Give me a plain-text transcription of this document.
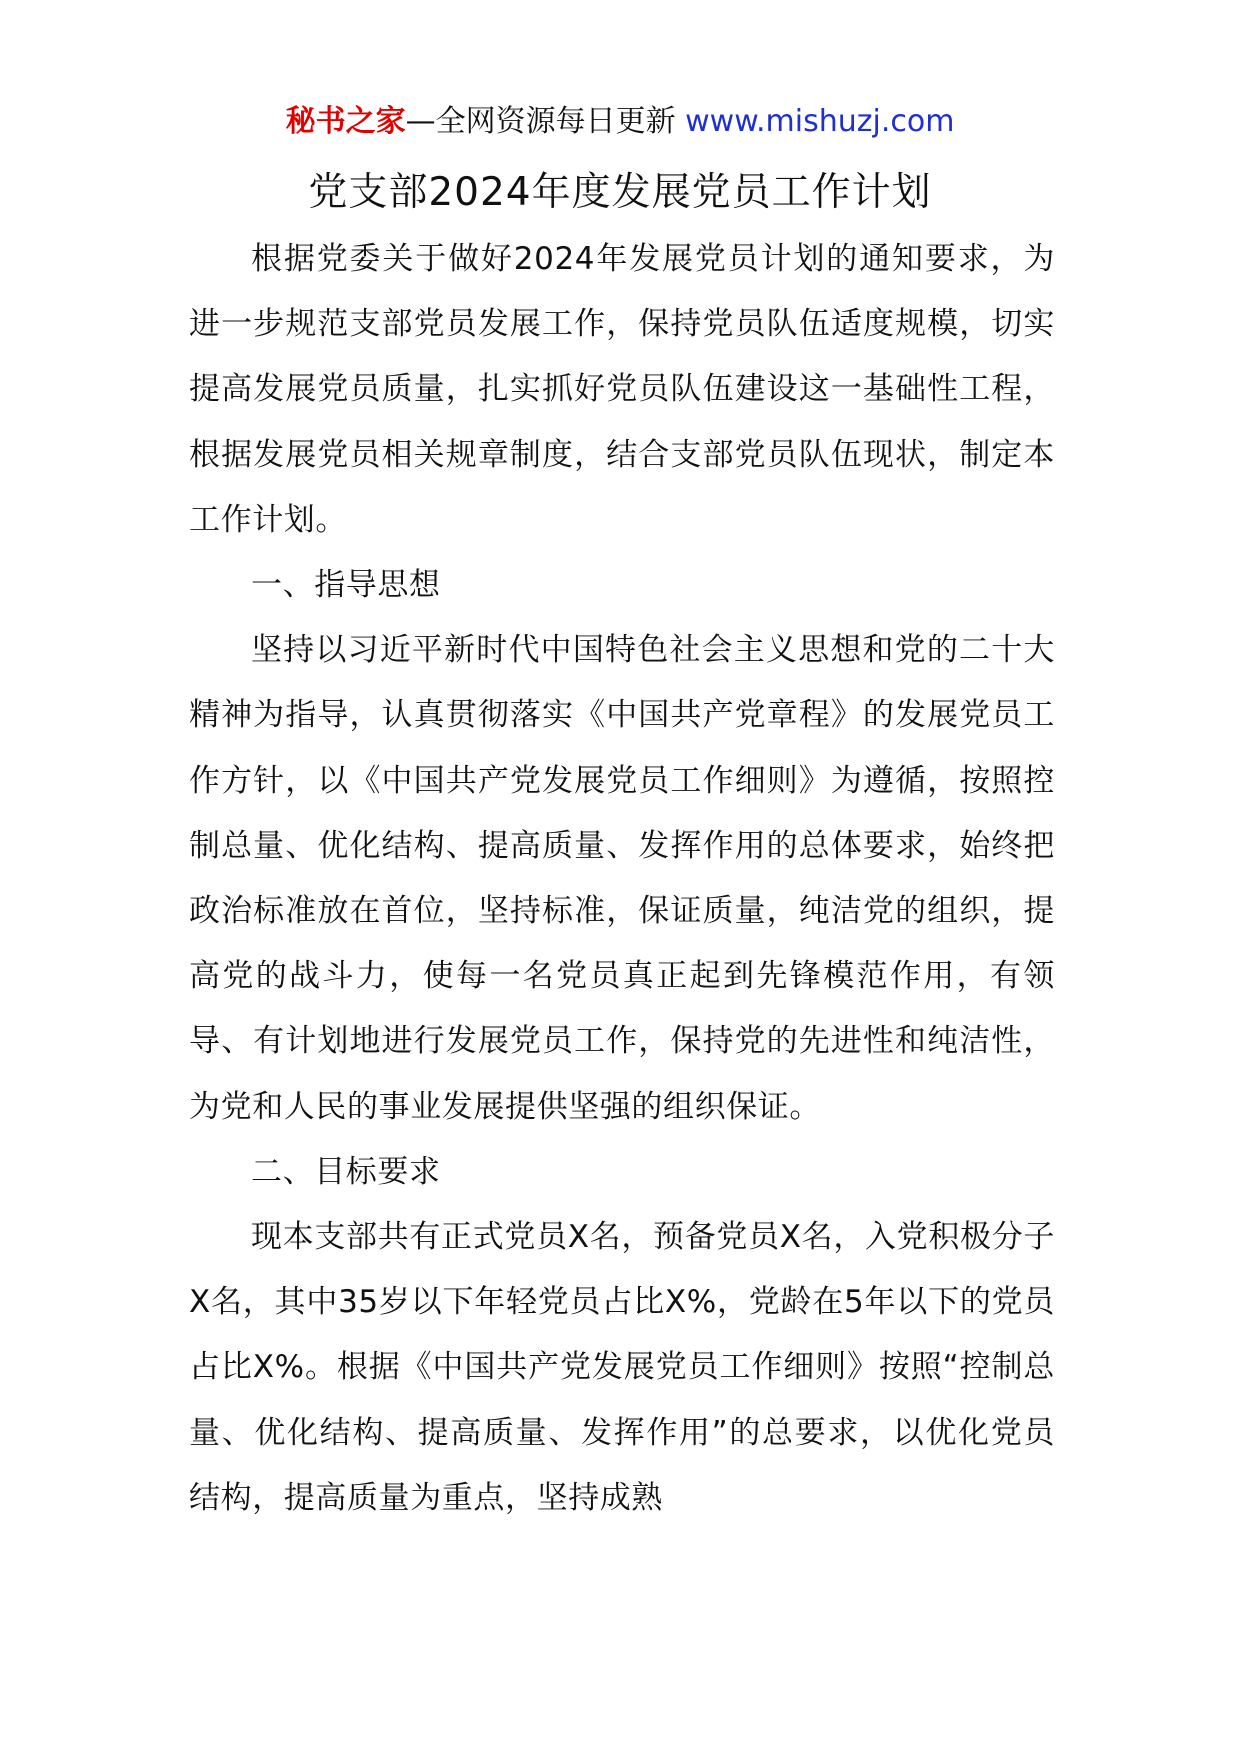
秘书之家—全网资源每日更新 www.mishuzj.com
党支部2024年度发展党员工作计划

根据党委关于做好2024年发展党员计划的通知要求，为进一步规范支部党员发展工作，保持党员队伍适度规模，切实提高发展党员质量，扎实抓好党员队伍建设这一基础性工程，根据发展党员相关规章制度，结合支部党员队伍现状，制定本工作计划。

一、指导思想

坚持以习近平新时代中国特色社会主义思想和党的二十大精神为指导，认真贯彻落实《中国共产党章程》的发展党员工作方针，以《中国共产党发展党员工作细则》为遵循，按照控制总量、优化结构、提高质量、发挥作用的总体要求，始终把政治标准放在首位，坚持标准，保证质量，纯洁党的组织，提高党的战斗力，使每一名党员真正起到先锋模范作用，有领导、有计划地进行发展党员工作，保持党的先进性和纯洁性，为党和人民的事业发展提供坚强的组织保证。

二、目标要求

现本支部共有正式党员X名，预备党员X名，入党积极分子X名，其中35岁以下年轻党员占比X%，党龄在5年以下的党员占比X%。根据《中国共产党发展党员工作细则》按照“控制总量、优化结构、提高质量、发挥作用”的总要求，以优化党员结构，提高质量为重点，坚持成熟
